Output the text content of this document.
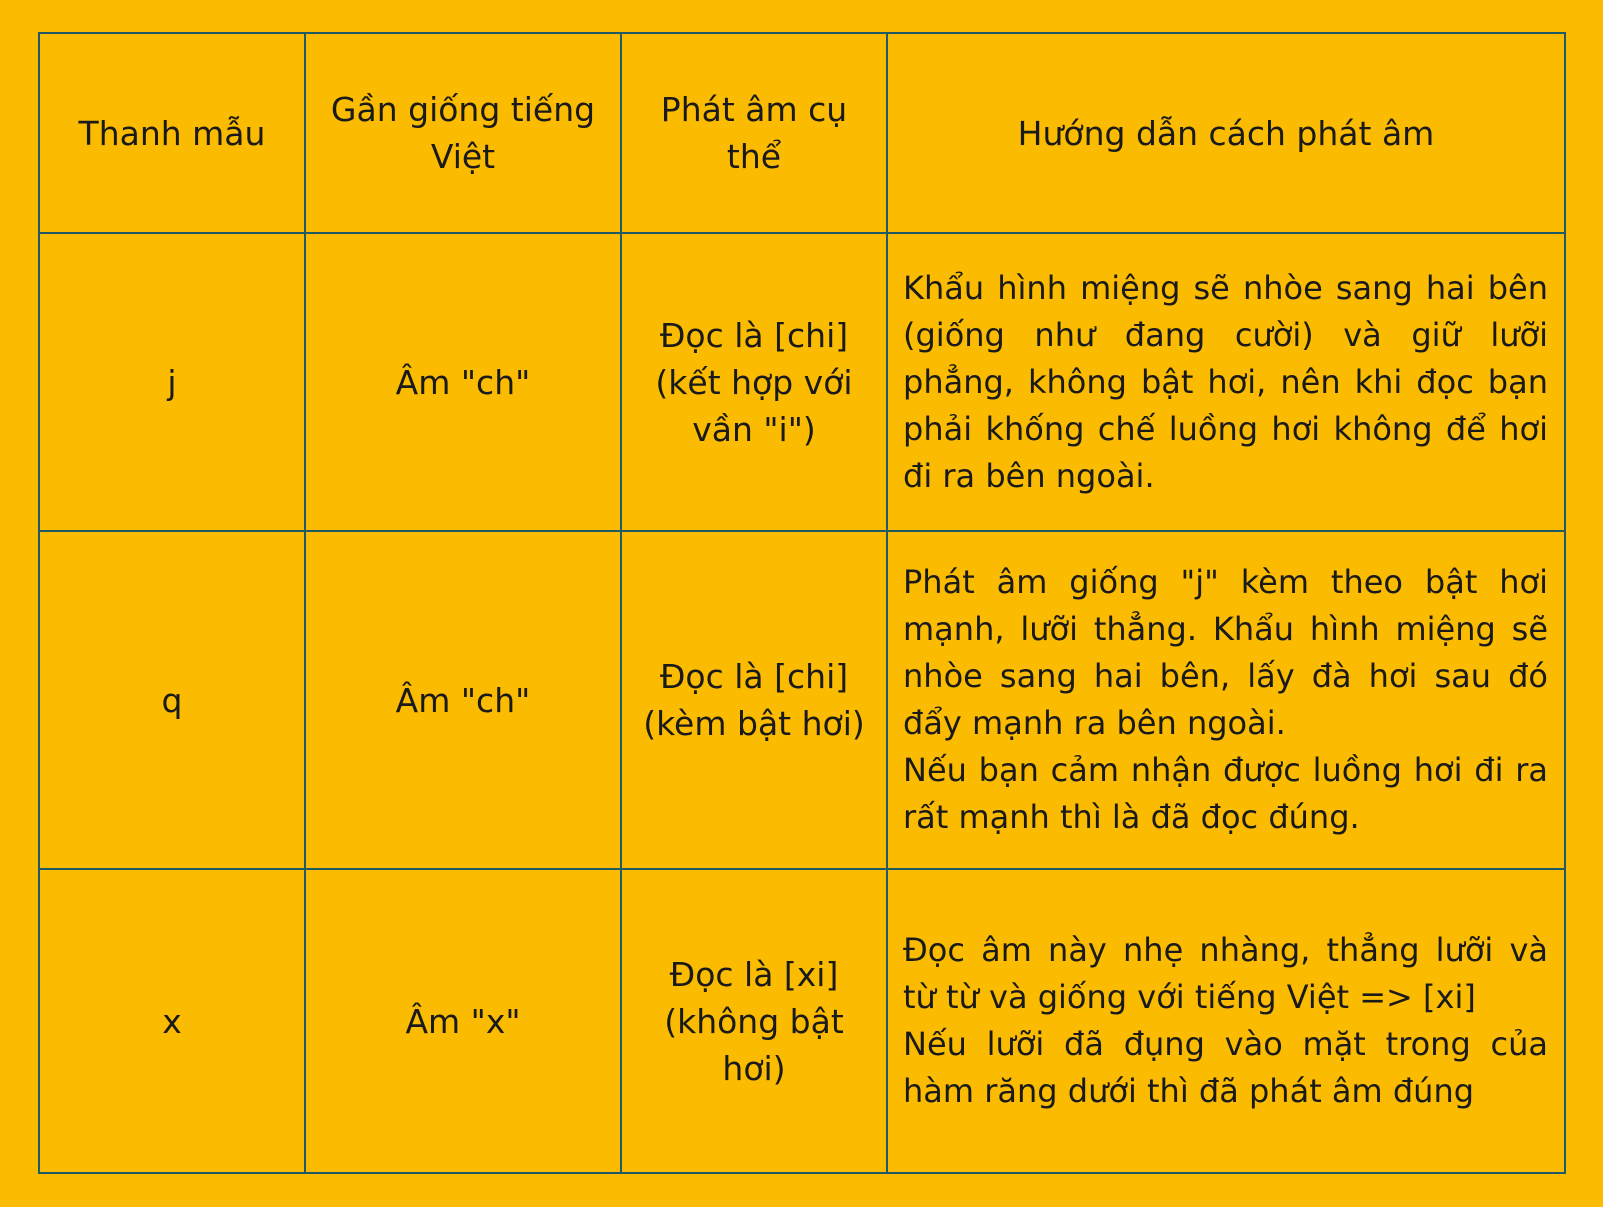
Thanh mẫu	Gần giống tiếng Việt	Phát âm cụ thể	Hướng dẫn cách phát âm
j	Âm "ch"	Đọc là [chi] (kết hợp với vần "i")	Khẩu hình miệng sẽ nhòe sang hai bên (giống như đang cười) và giữ lưỡi phẳng, không bật hơi, nên khi đọc bạn phải khống chế luồng hơi không để hơi đi ra bên ngoài.

q	Âm "ch"	Đọc là [chi] (kèm bật hơi)	Phát âm giống "j" kèm theo bật hơi mạnh, lưỡi thẳng. Khẩu hình miệng sẽ nhòe sang hai bên, lấy đà hơi sau đó đẩy mạnh ra bên ngoài.
Nếu bạn cảm nhận được luồng hơi đi ra rất mạnh thì là đã đọc đúng.

x	Âm "x"	Đọc là [xi] (không bật hơi)	Đọc âm này nhẹ nhàng, thẳng lưỡi và từ từ và giống với tiếng Việt => [xi]
Nếu lưỡi đã đụng vào mặt trong của hàm răng dưới thì đã phát âm đúng
